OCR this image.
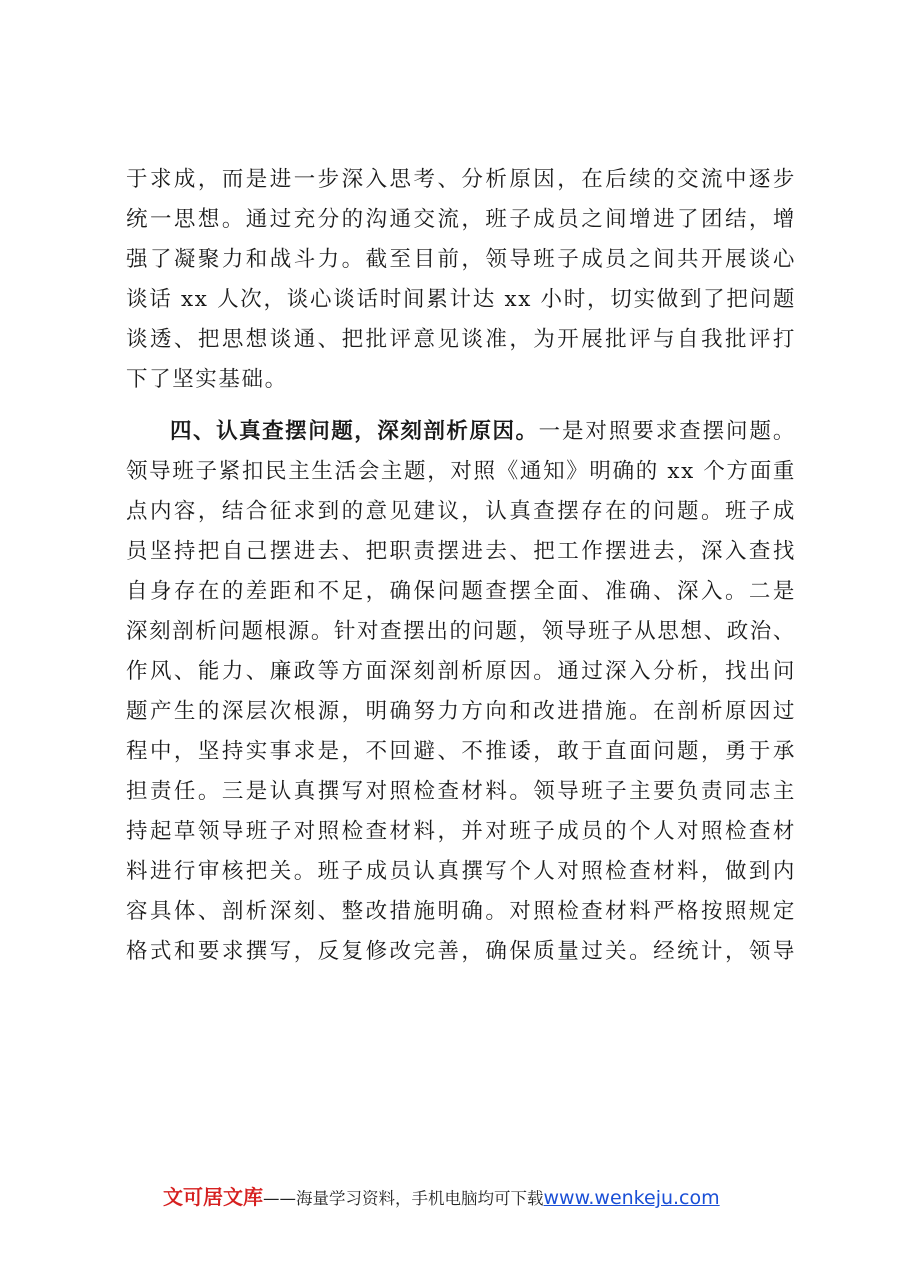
于求成，而是进一步深入思考、分析原因，在后续的交流中逐步
统一思想。通过充分的沟通交流，班子成员之间增进了团结，增
强了凝聚力和战斗力。截至目前，领导班子成员之间共开展谈心
谈话 xx 人次，谈心谈话时间累计达 xx 小时，切实做到了把问题
谈透、把思想谈通、把批评意见谈准，为开展批评与自我批评打
下了坚实基础。
四、认真查摆问题，深刻剖析原因。一是对照要求查摆问题。
领导班子紧扣民主生活会主题，对照《通知》明确的 xx 个方面重
点内容，结合征求到的意见建议，认真查摆存在的问题。班子成
员坚持把自己摆进去、把职责摆进去、把工作摆进去，深入查找
自身存在的差距和不足，确保问题查摆全面、准确、深入。二是
深刻剖析问题根源。针对查摆出的问题，领导班子从思想、政治、
作风、能力、廉政等方面深刻剖析原因。通过深入分析，找出问
题产生的深层次根源，明确努力方向和改进措施。在剖析原因过
程中，坚持实事求是，不回避、不推诿，敢于直面问题，勇于承
担责任。三是认真撰写对照检查材料。领导班子主要负责同志主
持起草领导班子对照检查材料，并对班子成员的个人对照检查材
料进行审核把关。班子成员认真撰写个人对照检查材料，做到内
容具体、剖析深刻、整改措施明确。对照检查材料严格按照规定
格式和要求撰写，反复修改完善，确保质量过关。经统计，领导
文可居文库——海量学习资料，手机电脑均可下载www.wenkeju.com
